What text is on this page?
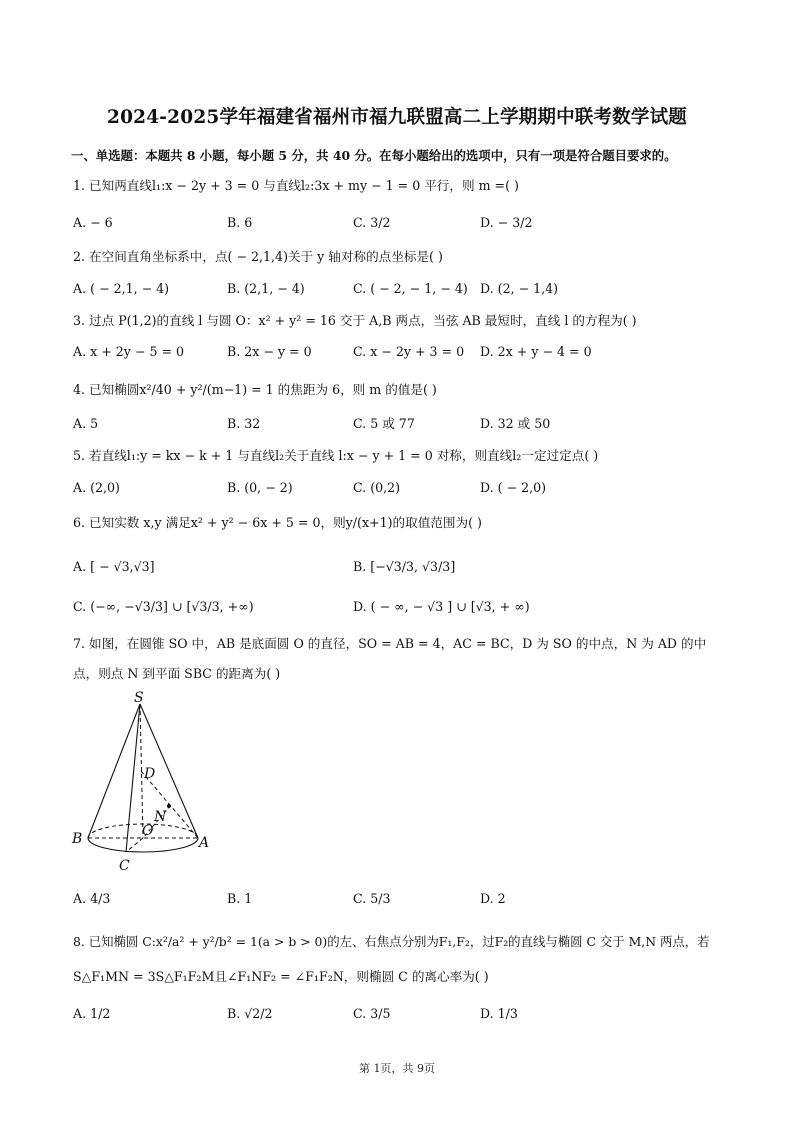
2024-2025学年福建省福州市福九联盟高二上学期期中联考数学试题
一、单选题：本题共 8 小题，每小题 5 分，共 40 分。在每小题给出的选项中，只有一项是符合题目要求的。
1. 已知两直线l₁:x − 2y + 3 = 0 与直线l₂:3x + my − 1 = 0 平行，则 m =( )
A. − 6	B. 6	C. 3/2	D. − 3/2
2. 在空间直角坐标系中，点( − 2,1,4)关于 y 轴对称的点坐标是( )
A. ( − 2,1, − 4)	B. (2,1, − 4)	C. ( − 2, − 1, − 4) D. (2, − 1,4)
3. 过点 P(1,2)的直线 l 与圆 O：x² + y² = 16 交于 A,B 两点，当弦 AB 最短时，直线 l 的方程为( )
A. x + 2y − 5 = 0	B. 2x − y = 0	C. x − 2y + 3 = 0 D. 2x + y − 4 = 0
4. 已知椭圆x²/40 + y²/(m−1) = 1 的焦距为 6，则 m 的值是( )
A. 5	B. 32	C. 5 或 77	D. 32 或 50
5. 若直线l₁:y = kx − k + 1 与直线l₂关于直线 l:x − y + 1 = 0 对称，则直线l₂一定过定点( )
A. (2,0)	B. (0, − 2)	C. (0,2)	D. ( − 2,0)
6. 已知实数 x,y 满足x² + y² − 6x + 5 = 0，则y/(x+1)的取值范围为( )
A. [ − √3,√3]	B. [−√3/3, √3/3]
C. (−∞, −√3/3] ∪ [√3/3, +∞)	D. ( − ∞, − √3 ] ∪ [√3, + ∞)
7. 如图，在圆锥 SO 中，AB 是底面圆 O 的直径，SO = AB = 4，AC = BC，D 为 SO 的中点，N 为 AD 的中
点，则点 N 到平面 SBC 的距离为( )
S
D
N
O
B	A
C
A. 4/3	B. 1	C. 5/3	D. 2
8. 已知椭圆 C:x²/a² + y²/b² = 1(a > b > 0)的左、右焦点分别为F₁,F₂，过F₂的直线与椭圆 C 交于 M,N 两点，若
S△F₁MN = 3S△F₁F₂M且∠F₁NF₂ = ∠F₁F₂N，则椭圆 C 的离心率为( )
A. 1/2	B. √2/2	C. 3/5	D. 1/3
第 1页，共 9页
